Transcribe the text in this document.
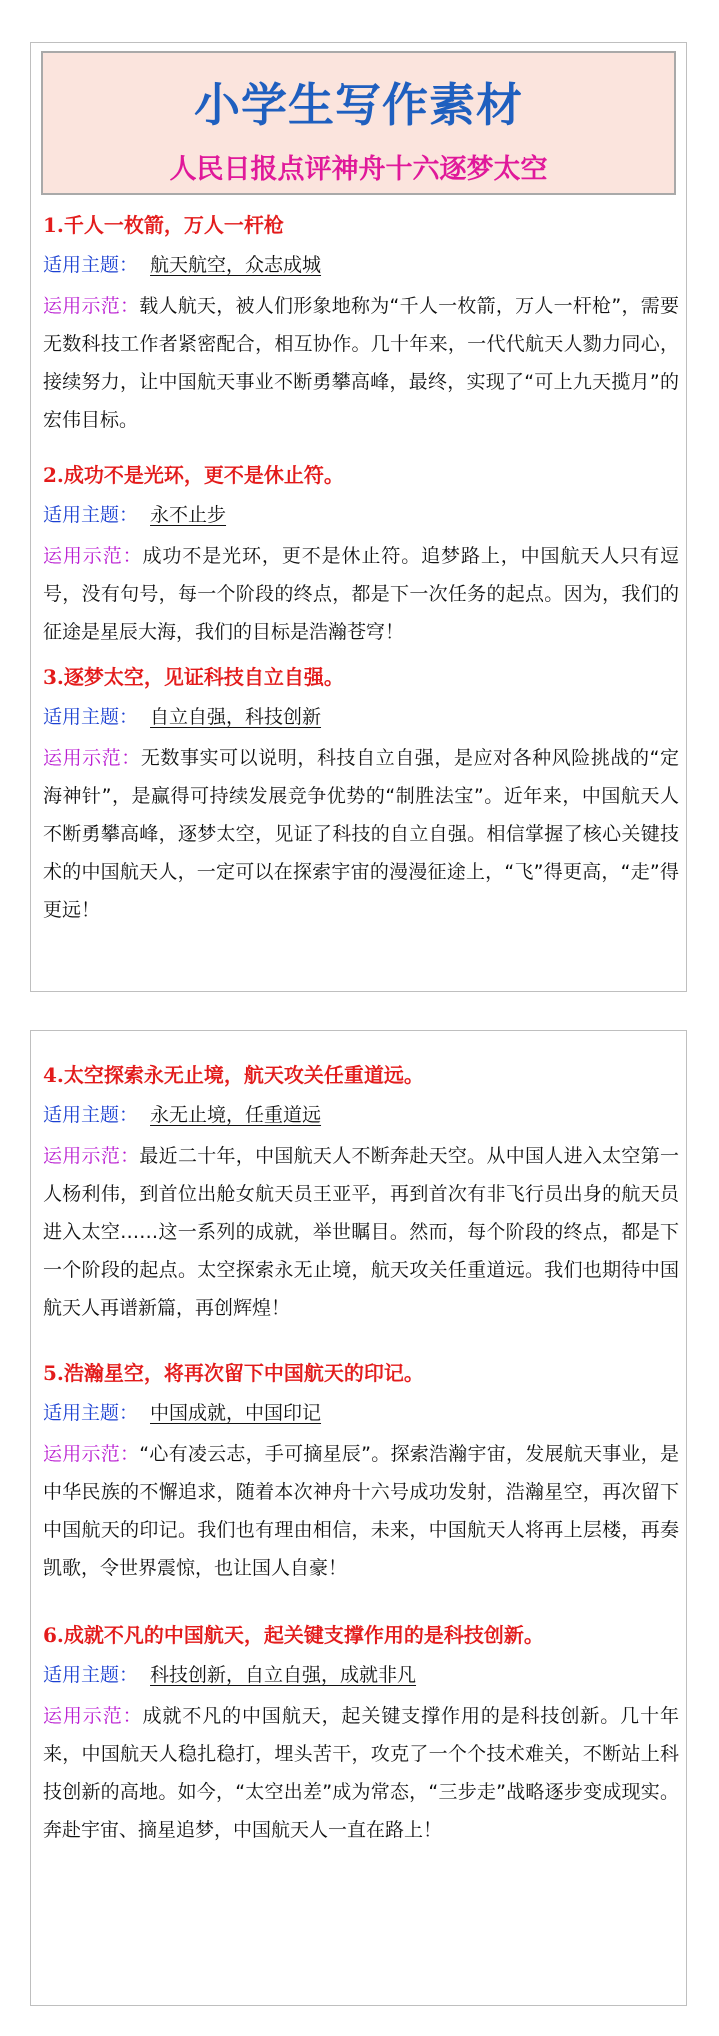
小学生写作素材
人民日报点评神舟十六逐梦太空
1.千人一枚箭，万人一杆枪
适用主题： 航天航空，众志成城
运用示范：载人航天，被人们形象地称为“千人一枚箭，万人一杆枪”，需要无数科技工作者紧密配合，相互协作。几十年来，一代代航天人勠力同心，接续努力，让中国航天事业不断勇攀高峰，最终，实现了“可上九天揽月”的宏伟目标。
2.成功不是光环，更不是休止符。
适用主题： 永不止步
运用示范：成功不是光环，更不是休止符。追梦路上，中国航天人只有逗号，没有句号，每一个阶段的终点，都是下一次任务的起点。因为，我们的征途是星辰大海，我们的目标是浩瀚苍穹！
3.逐梦太空，见证科技自立自强。
适用主题： 自立自强，科技创新
运用示范：无数事实可以说明，科技自立自强，是应对各种风险挑战的“定海神针”，是赢得可持续发展竞争优势的“制胜法宝”。近年来，中国航天人不断勇攀高峰，逐梦太空，见证了科技的自立自强。相信掌握了核心关键技术的中国航天人，一定可以在探索宇宙的漫漫征途上，“飞”得更高，“走”得更远！
4.太空探索永无止境，航天攻关任重道远。
适用主题： 永无止境，任重道远
运用示范：最近二十年，中国航天人不断奔赴天空。从中国人进入太空第一人杨利伟，到首位出舱女航天员王亚平，再到首次有非飞行员出身的航天员进入太空……这一系列的成就，举世瞩目。然而，每个阶段的终点，都是下一个阶段的起点。太空探索永无止境，航天攻关任重道远。我们也期待中国航天人再谱新篇，再创辉煌！
5.浩瀚星空，将再次留下中国航天的印记。
适用主题： 中国成就，中国印记
运用示范：“心有凌云志，手可摘星辰”。探索浩瀚宇宙，发展航天事业，是中华民族的不懈追求，随着本次神舟十六号成功发射，浩瀚星空，再次留下中国航天的印记。我们也有理由相信，未来，中国航天人将再上层楼，再奏凯歌，令世界震惊，也让国人自豪！
6.成就不凡的中国航天，起关键支撑作用的是科技创新。
适用主题： 科技创新，自立自强，成就非凡
运用示范：成就不凡的中国航天，起关键支撑作用的是科技创新。几十年来，中国航天人稳扎稳打，埋头苦干，攻克了一个个技术难关，不断站上科技创新的高地。如今，“太空出差”成为常态，“三步走”战略逐步变成现实。奔赴宇宙、摘星追梦，中国航天人一直在路上！
